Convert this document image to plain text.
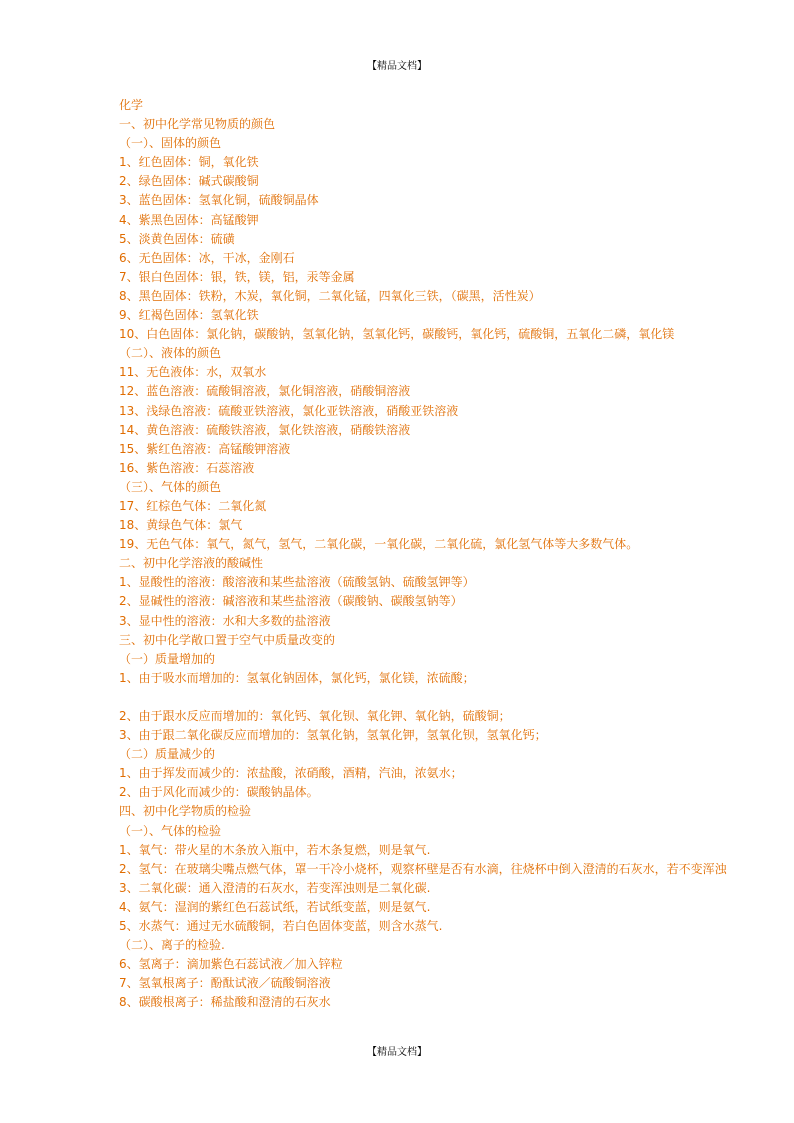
【精品文档】
化学
一、初中化学常见物质的颜色
（一）、固体的颜色
1、红色固体：铜，氧化铁
2、绿色固体：碱式碳酸铜
3、蓝色固体：氢氧化铜，硫酸铜晶体
4、紫黑色固体：高锰酸钾
5、淡黄色固体：硫磺
6、无色固体：冰，干冰，金刚石
7、银白色固体：银，铁，镁，铝，汞等金属
8、黑色固体：铁粉，木炭，氧化铜，二氧化锰，四氧化三铁，（碳黑，活性炭）
9、红褐色固体：氢氧化铁
10、白色固体：氯化钠，碳酸钠，氢氧化钠，氢氧化钙，碳酸钙，氧化钙，硫酸铜，五氧化二磷，氧化镁
（二）、液体的颜色
11、无色液体：水，双氧水
12、蓝色溶液：硫酸铜溶液，氯化铜溶液，硝酸铜溶液
13、浅绿色溶液：硫酸亚铁溶液，氯化亚铁溶液，硝酸亚铁溶液
14、黄色溶液：硫酸铁溶液，氯化铁溶液，硝酸铁溶液
15、紫红色溶液：高锰酸钾溶液
16、紫色溶液：石蕊溶液
（三）、气体的颜色
17、红棕色气体：二氧化氮
18、黄绿色气体：氯气
19、无色气体：氧气，氮气，氢气，二氧化碳，一氧化碳，二氧化硫，氯化氢气体等大多数气体。
二、初中化学溶液的酸碱性
1、显酸性的溶液：酸溶液和某些盐溶液（硫酸氢钠、硫酸氢钾等）
2、显碱性的溶液：碱溶液和某些盐溶液（碳酸钠、碳酸氢钠等）
3、显中性的溶液：水和大多数的盐溶液
三、初中化学敞口置于空气中质量改变的
（一）质量增加的
1、由于吸水而增加的：氢氧化钠固体，氯化钙，氯化镁，浓硫酸；
2、由于跟水反应而增加的：氧化钙、氧化钡、氧化钾、氧化钠，硫酸铜；
3、由于跟二氧化碳反应而增加的：氢氧化钠，氢氧化钾，氢氧化钡，氢氧化钙；
（二）质量减少的
1、由于挥发而减少的：浓盐酸，浓硝酸，酒精，汽油，浓氨水；
2、由于风化而减少的：碳酸钠晶体。
四、初中化学物质的检验
（一）、气体的检验
1、氧气：带火星的木条放入瓶中，若木条复燃，则是氧气.
2、氢气：在玻璃尖嘴点燃气体，罩一干冷小烧杯，观察杯壁是否有水滴，往烧杯中倒入澄清的石灰水，若不变浑浊
3、二氧化碳：通入澄清的石灰水，若变浑浊则是二氧化碳.
4、氨气：湿润的紫红色石蕊试纸，若试纸变蓝，则是氨气.
5、水蒸气：通过无水硫酸铜，若白色固体变蓝，则含水蒸气.
（二）、离子的检验.
6、氢离子：滴加紫色石蕊试液／加入锌粒
7、氢氧根离子：酚酞试液／硫酸铜溶液
8、碳酸根离子：稀盐酸和澄清的石灰水
【精品文档】
